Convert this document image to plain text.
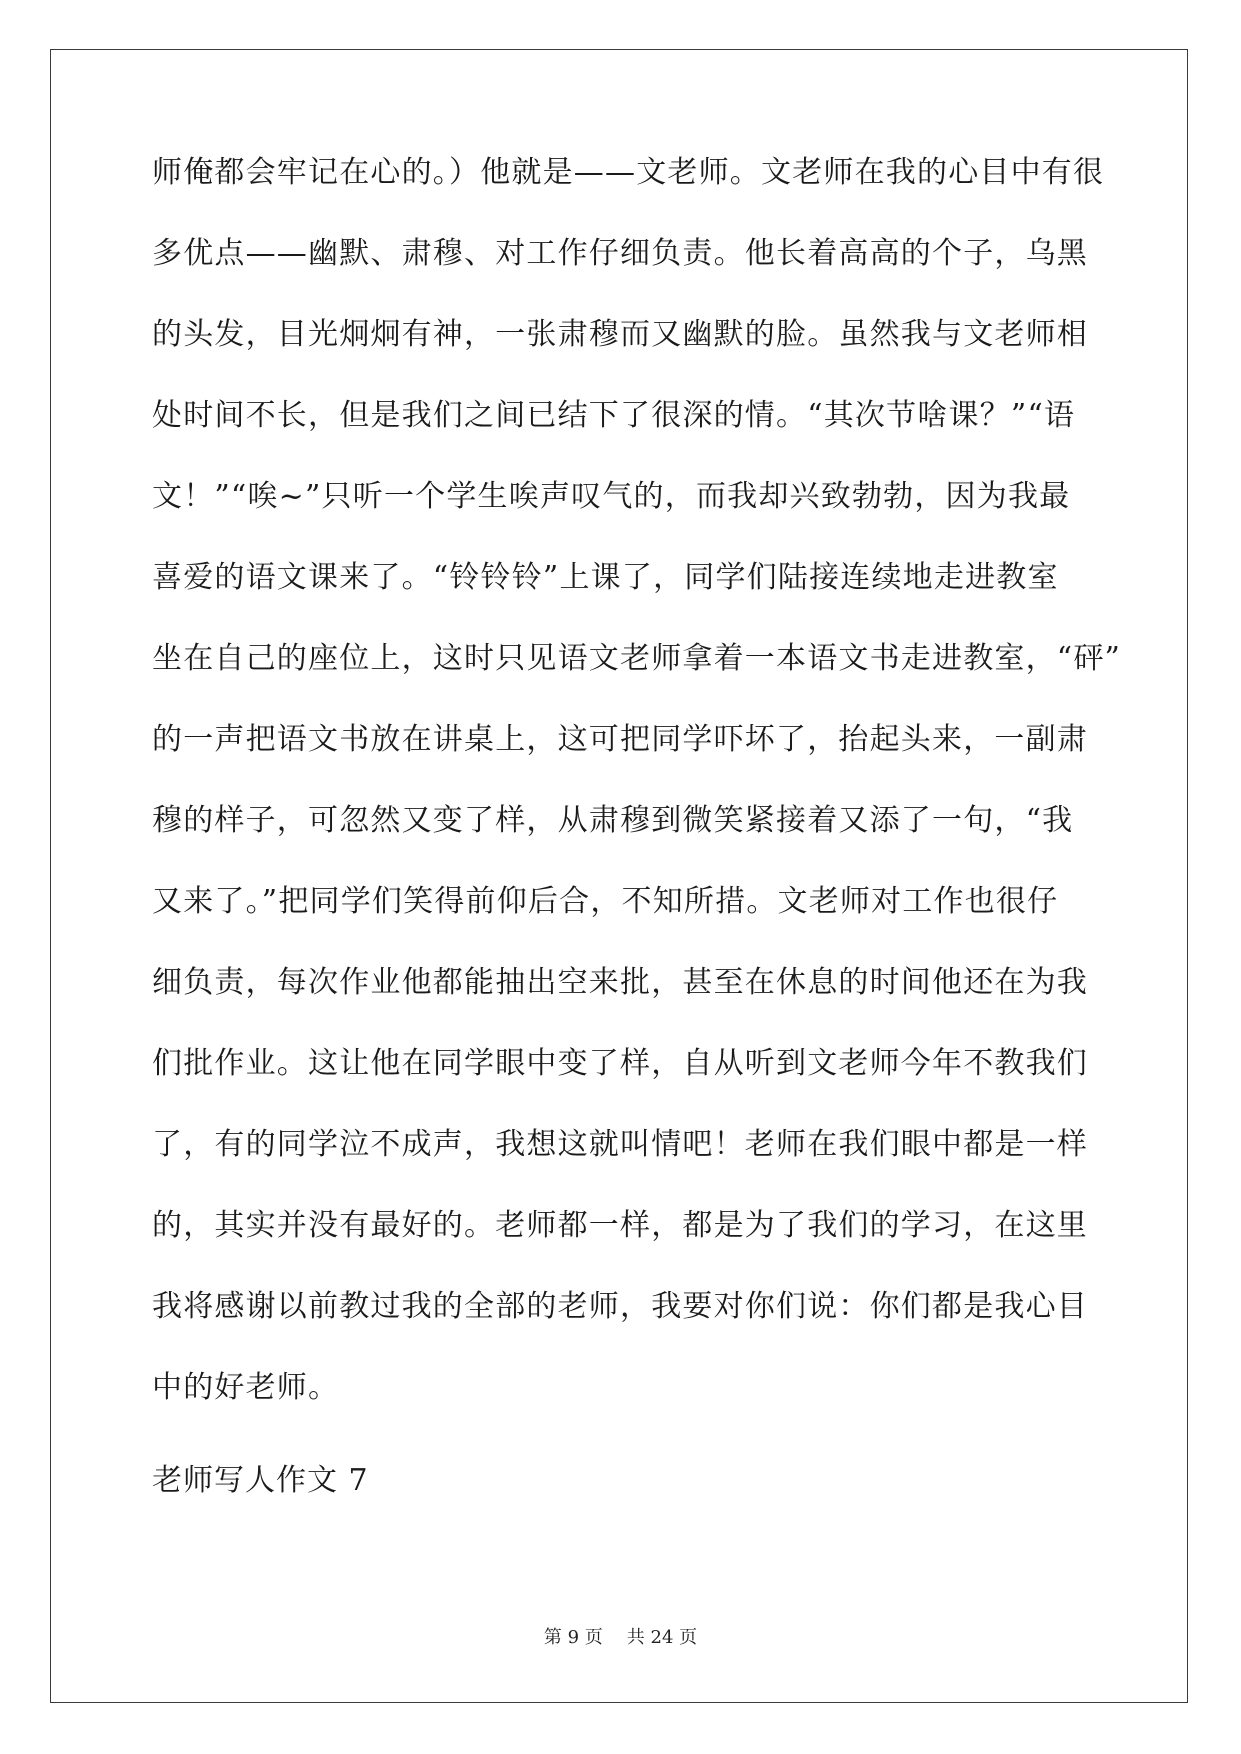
师俺都会牢记在心的。）他就是——文老师。文老师在我的心目中有很
多优点——幽默、肃穆、对工作仔细负责。他长着高高的个子，乌黑
的头发，目光炯炯有神，一张肃穆而又幽默的脸。虽然我与文老师相
处时间不长，但是我们之间已结下了很深的情。“其次节啥课？”“语
文！”“唉~”只听一个学生唉声叹气的，而我却兴致勃勃，因为我最
喜爱的语文课来了。“铃铃铃”上课了，同学们陆接连续地走进教室
坐在自己的座位上，这时只见语文老师拿着一本语文书走进教室，“砰”
的一声把语文书放在讲桌上，这可把同学吓坏了，抬起头来，一副肃
穆的样子，可忽然又变了样，从肃穆到微笑紧接着又添了一句，“我
又来了。”把同学们笑得前仰后合，不知所措。文老师对工作也很仔
细负责，每次作业他都能抽出空来批，甚至在休息的时间他还在为我
们批作业。这让他在同学眼中变了样，自从听到文老师今年不教我们
了，有的同学泣不成声，我想这就叫情吧！老师在我们眼中都是一样
的，其实并没有最好的。老师都一样，都是为了我们的学习，在这里
我将感谢以前教过我的全部的老师，我要对你们说：你们都是我心目
中的好老师。
老师写人作文 7
第 9 页 共 24 页
